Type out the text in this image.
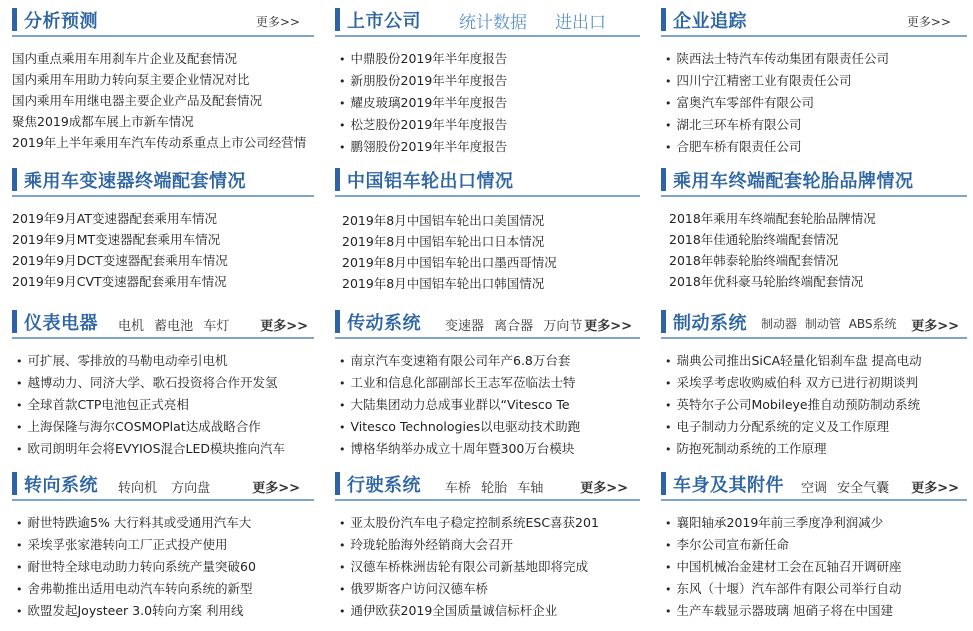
分析预测	更多>>
国内重点乘用车用刹车片企业及配套情况
国内乘用车用助力转向泵主要企业情况对比
国内乘用车用继电器主要企业产品及配套情况
聚焦2019成都车展上市新车情况
2019年上半年乘用车汽车传动系重点上市公司经营情
上市公司 统计数据 进出口
• 中鼎股份2019年半年度报告
• 新朋股份2019年半年度报告
• 耀皮玻璃2019年半年度报告
• 松芝股份2019年半年度报告
• 鹏翎股份2019年半年度报告
企业追踪	更多>>
• 陕西法士特汽车传动集团有限责任公司
• 四川宁江精密工业有限责任公司
• 富奥汽车零部件有限公司
• 湖北三环车桥有限公司
• 合肥车桥有限责任公司
乘用车变速器终端配套情况
2019年9月AT变速器配套乘用车情况
2019年9月MT变速器配套乘用车情况
2019年9月DCT变速器配套乘用车情况
2019年9月CVT变速器配套乘用车情况
中国铝车轮出口情况
2019年8月中国铝车轮出口美国情况
2019年8月中国铝车轮出口日本情况
2019年8月中国铝车轮出口墨西哥情况
2019年8月中国铝车轮出口韩国情况
乘用车终端配套轮胎品牌情况
2018年乘用车终端配套轮胎品牌情况
2018年佳通轮胎终端配套情况
2018年韩泰轮胎终端配套情况
2018年优科豪马轮胎终端配套情况
仪表电器 电机 蓄电池 车灯	更多>>
• 可扩展、零排放的马勒电动牵引电机
• 越博动力、同济大学、歌石投资将合作开发氢
• 全球首款CTP电池包正式亮相
• 上海保隆与海尔COSMOPlat达成战略合作
• 欧司朗明年会将EVYIOS混合LED模块推向汽车
传动系统 变速器 离合器 万向节 更多>>
• 南京汽车变速箱有限公司年产6.8万台套
• 工业和信息化部副部长王志军莅临法士特
• 大陆集团动力总成事业群以“Vitesco Te
• Vitesco Technologies以电驱动技术助跑
• 博格华纳举办成立十周年暨300万台模块
制动系统 制动器 制动管 ABS系统	更多>>
• 瑞典公司推出SiCA轻量化铝刹车盘 提高电动
• 采埃孚考虑收购威伯科 双方已进行初期谈判
• 英特尔子公司Mobileye推自动预防制动系统
• 电子制动力分配系统的定义及工作原理
• 防抱死制动系统的工作原理
转向系统 转向机 方向盘	更多>>
• 耐世特跌逾5% 大行料其或受通用汽车大
• 采埃孚张家港转向工厂正式投产使用
• 耐世特全球电动助力转向系统产量突破60
• 舍弗勒推出适用电动汽车转向系统的新型
• 欧盟发起Joysteer 3.0转向方案 利用线
行驶系统 车桥 轮胎 车轴	更多>>
• 亚太股份汽车电子稳定控制系统ESC喜获201
• 玲珑轮胎海外经销商大会召开
• 汉德车桥株洲齿轮有限公司新基地即将完成
• 俄罗斯客户访问汉德车桥
• 通伊欧获2019全国质量诚信标杆企业
车身及其附件 空调 安全气囊	更多>>
• 襄阳轴承2019年前三季度净利润减少
• 李尔公司宣布新任命
• 中国机械冶金建材工会在瓦轴召开调研座
• 东风（十堰）汽车部件有限公司举行自动
• 生产车载显示器玻璃 旭硝子将在中国建
